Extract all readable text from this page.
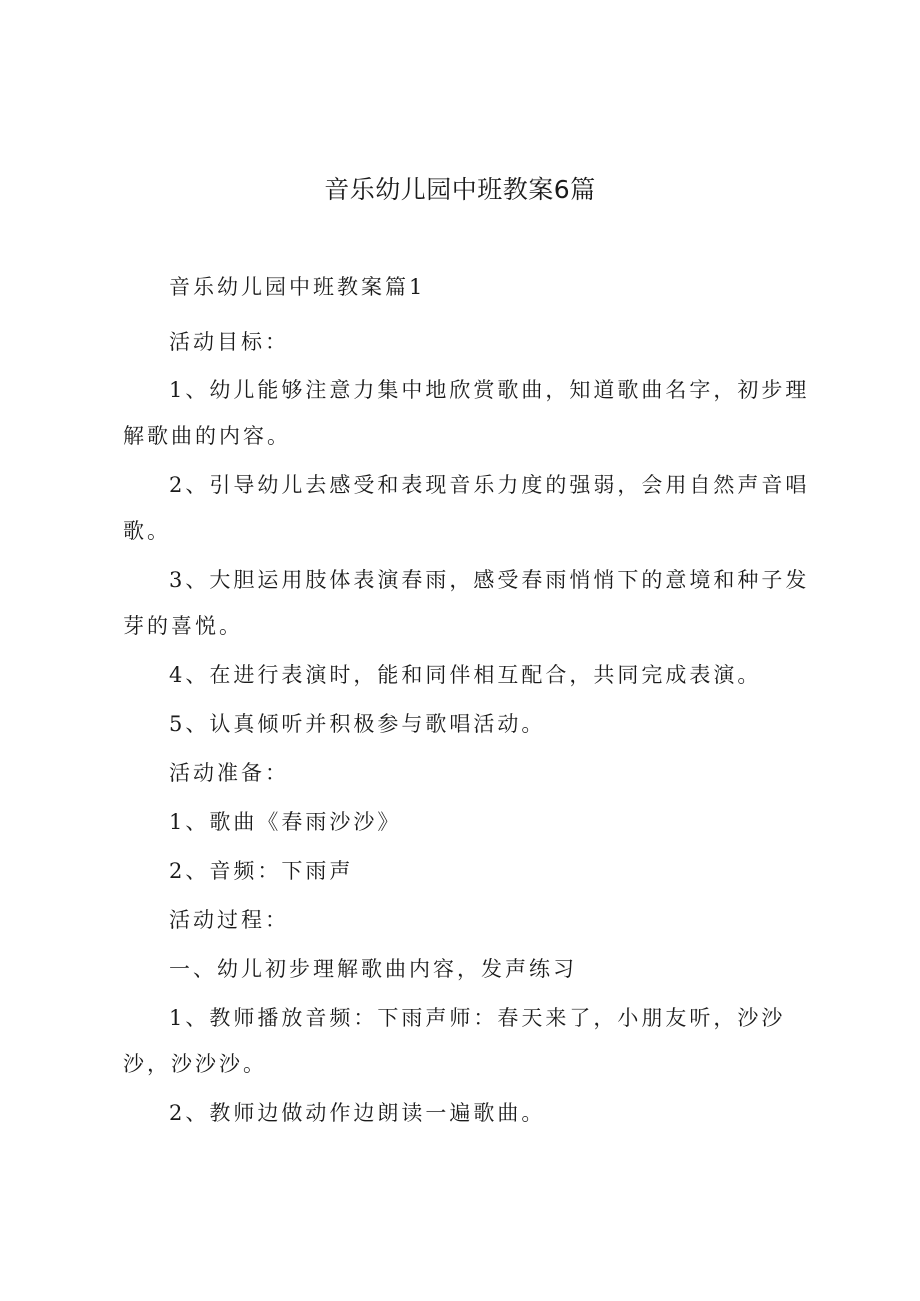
音乐幼儿园中班教案6篇

音乐幼儿园中班教案篇1

活动目标：

1、幼儿能够注意力集中地欣赏歌曲，知道歌曲名字，初步理解歌曲的内容。

2、引导幼儿去感受和表现音乐力度的强弱，会用自然声音唱歌。

3、大胆运用肢体表演春雨，感受春雨悄悄下的意境和种子发芽的喜悦。

4、在进行表演时，能和同伴相互配合，共同完成表演。

5、认真倾听并积极参与歌唱活动。

活动准备：

1、歌曲《春雨沙沙》

2、音频：下雨声

活动过程：

一、幼儿初步理解歌曲内容，发声练习

1、教师播放音频：下雨声师：春天来了，小朋友听，沙沙沙，沙沙沙。

2、教师边做动作边朗读一遍歌曲。
